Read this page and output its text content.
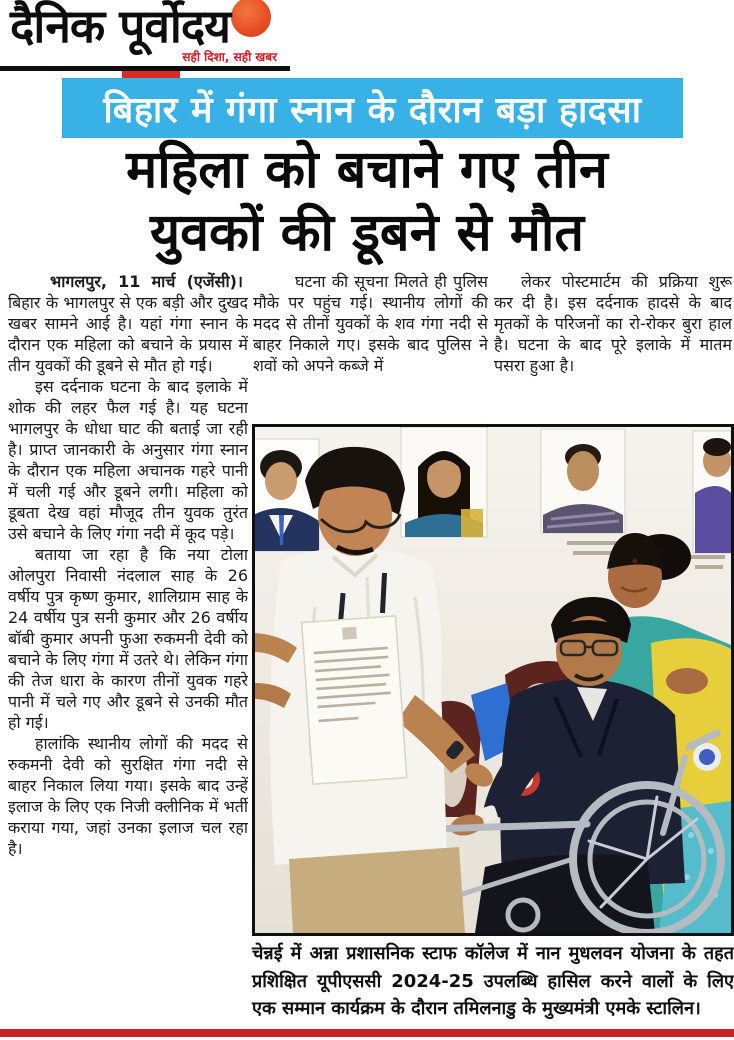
दैनिक पूर्वोदय
सही दिशा, सही खबर
बिहार में गंगा स्नान के दौरान बड़ा हादसा
महिला को बचाने गए तीन
युवकों की डूबने से मौत

भागलपुर, 11 मार्च (एजेंसी)।बिहार के भागलपुर से एक बड़ी और दुखद खबर सामने आई है। यहां गंगा स्नान के दौरान एक महिला को बचाने के प्रयास में तीन युवकों की डूबने से मौत हो गई।

इस दर्दनाक घटना के बाद इलाके में शोक की लहर फैल गई है। यह घटना भागलपुर के धोधा घाट की बताई जा रही है। प्राप्त जानकारी के अनुसार गंगा स्नान के दौरान एक महिला अचानक गहरे पानी में चली गई और डूबने लगी। महिला को डूबता देख वहां मौजूद तीन युवक तुरंत उसे बचाने के लिए गंगा नदी में कूद पड़े।

बताया जा रहा है कि नया टोला ओलपुरा निवासी नंदलाल साह के 26 वर्षीय पुत्र कृष्ण कुमार, शालिग्राम साह के 24 वर्षीय पुत्र सनी कुमार और 26 वर्षीय बॉबी कुमार अपनी फुआ रुकमनी देवी को बचाने के लिए गंगा में उतरे थे। लेकिन गंगा की तेज धारा के कारण तीनों युवक गहरे पानी में चले गए और डूबने से उनकी मौत हो गई।

हालांकि स्थानीय लोगों की मदद से रुकमनी देवी को सुरक्षित गंगा नदी से बाहर निकाल लिया गया। इसके बाद उन्हें इलाज के लिए एक निजी क्लीनिक में भर्ती कराया गया, जहां उनका इलाज चल रहा है।

घटना की सूचना मिलते ही पुलिस मौके पर पहुंच गई। स्थानीय लोगों की मदद से तीनों युवकों के शव गंगा नदी से बाहर निकाले गए। इसके बाद पुलिस ने शवों को अपने कब्जे में

लेकर पोस्टमार्टम की प्रक्रिया शुरू कर दी है। इस दर्दनाक हादसे के बाद मृतकों के परिजनों का रो-रोकर बुरा हाल है। घटना के बाद पूरे इलाके में मातम पसरा हुआ है।

चेन्नई में अन्ना प्रशासनिक स्टाफ कॉलेज में नान मुधलवन योजना के तहत प्रशिक्षित यूपीएससी 2024-25 उपलब्धि हासिल करने वालों के लिए एक सम्मान कार्यक्रम के दौरान तमिलनाडु के मुख्यमंत्री एमके स्टालिन।
